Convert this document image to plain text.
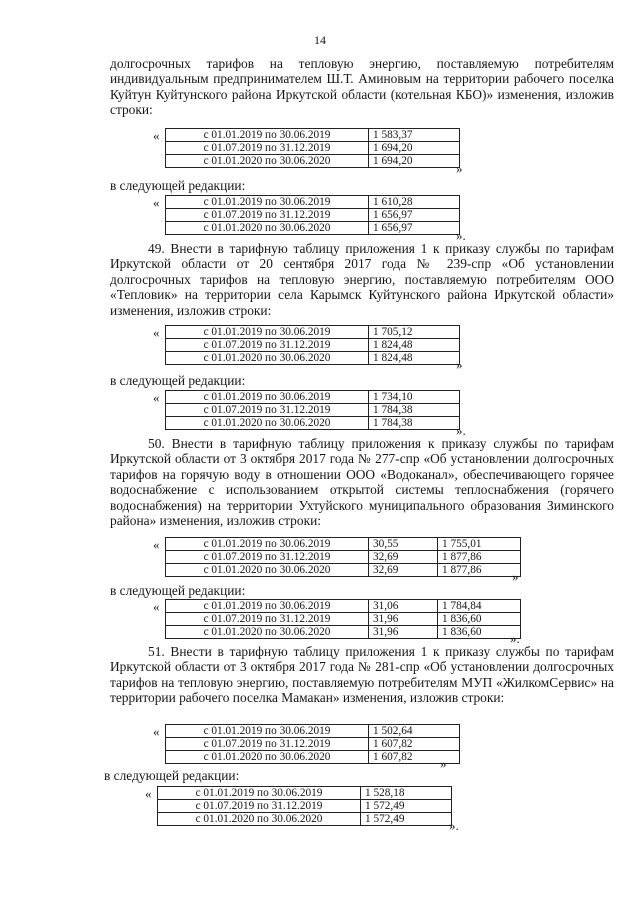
14
долгосрочных тарифов на тепловую энергию, поставляемую потребителям индивидуальным предпринимателем Ш.Т. Аминовым на территории рабочего поселка Куйтун Куйтунского района Иркутской области (котельная КБО)» изменения, изложив строки:
«	с 01.01.2019 по 30.06.2019	1 583,37
с 01.07.2019 по 31.12.2019	1 694,20
с 01.01.2020 по 30.06.2020	1 694,20	»
в следующей редакции:
«	с 01.01.2019 по 30.06.2019	1 610,28
с 01.07.2019 по 31.12.2019	1 656,97
с 01.01.2020 по 30.06.2020	1 656,97	».
49. Внести в тарифную таблицу приложения 1 к приказу службы по тарифам Иркутской области от 20 сентября 2017 года № 239-спр «Об установлении долгосрочных тарифов на тепловую энергию, поставляемую потребителям ООО «Тепловик» на территории села Карымск Куйтунского района Иркутской области» изменения, изложив строки:
«	с 01.01.2019 по 30.06.2019	1 705,12
с 01.07.2019 по 31.12.2019	1 824,48
с 01.01.2020 по 30.06.2020	1 824,48	»
в следующей редакции:
«	с 01.01.2019 по 30.06.2019	1 734,10
с 01.07.2019 по 31.12.2019	1 784,38
с 01.01.2020 по 30.06.2020	1 784,38	».
50. Внести в тарифную таблицу приложения к приказу службы по тарифам Иркутской области от 3 октября 2017 года № 277-спр «Об установлении долгосрочных тарифов на горячую воду в отношении ООО «Водоканал», обеспечивающего горячее водоснабжение с использованием открытой системы теплоснабжения (горячего водоснабжения) на территории Ухтуйского муниципального образования Зиминского района» изменения, изложив строки:
«	с 01.01.2019 по 30.06.2019	30,55	1 755,01
с 01.07.2019 по 31.12.2019	32,69	1 877,86
с 01.01.2020 по 30.06.2020	32,69	1 877,86 »
в следующей редакции:
«	с 01.01.2019 по 30.06.2019	31,06	1 784,84
с 01.07.2019 по 31.12.2019	31,96	1 836,60
с 01.01.2020 по 30.06.2020	31,96	1 836,60 ».
51. Внести в тарифную таблицу приложения 1 к приказу службы по тарифам Иркутской области от 3 октября 2017 года № 281-спр «Об установлении долгосрочных тарифов на тепловую энергию, поставляемую потребителям МУП «ЖилкомСервис» на территории рабочего поселка Мамакан» изменения, изложив строки:
«	с 01.01.2019 по 30.06.2019	1 502,64
с 01.07.2019 по 31.12.2019	1 607,82
с 01.01.2020 по 30.06.2020	1 607,82 »
в следующей редакции:
«	с 01.01.2019 по 30.06.2019	1 528,18
с 01.07.2019 по 31.12.2019	1 572,49
с 01.01.2020 по 30.06.2020	1 572,49	».
